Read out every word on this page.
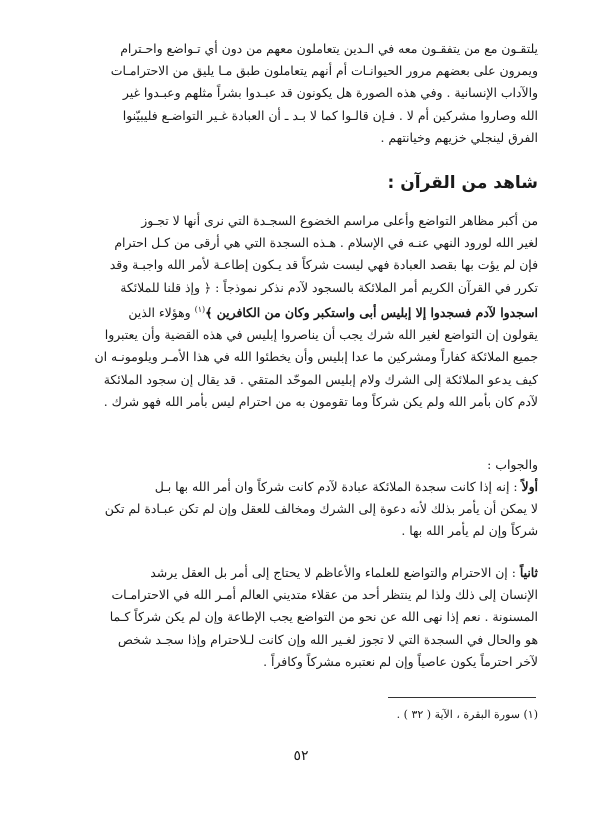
يلتقـون مع من يتفقـون معه في الـدين يتعاملون معهم من دون أي تـواضع واحـترام
ويمرون على بعضهم مرور الحيوانـات أم أنهم يتعاملون طبق مـا يليق من الاحترامـات
والآداب الإنسانية . وفي هذه الصورة هل يكونون قد عبـدوا بشراً مثلهم وعبـدوا غير
الله وصاروا مشركين أم لا . فـإن قالـوا كما لا بـد ـ أن العبادة غـير التواضـع فليبيّنوا
الفرق لينجلي خزيهم وخيانتهم .

شاهد من القرآن :

من أكبر مظاهر التواضع وأعلى مراسم الخضوع السجـدة التي نرى أنها لا تجـوز
لغير الله لورود النهي عنـه في الإسلام . هـذه السجدة التي هي أرقى من كـل احترام
فإن لم يؤت بها بقصد العبادة فهي ليست شركاً قد يـكون إطاعـة لأمر الله واجبـة وقد
تكرر في القرآن الكريم أمر الملائكة بالسجود لآدم نذكر نموذجاً : ﴿ وإذ قلنا للملائكة
اسجدوا لآدم فسجدوا إلا إبليس أبى واستكبر وكان من الكافرين ﴾$^{(١)}$ وهؤلاء الذين
يقولون إن التواضع لغير الله شرك يجب أن يناصروا إبليس في هذه القضية وأن يعتبروا
جميع الملائكة كفاراً ومشركين ما عدا إبليس وأن يخطئوا الله في هذا الأمـر ويلومونـه ان
كيف يدعو الملائكة إلى الشرك ولام إبليس الموحّد المتقي . قد يقال إن سجود الملائكة
لآدم كان بأمر الله ولم يكن شركاً وما تقومون به من احترام ليس بأمر الله فهو شرك .

والجواب :

أولاً : إنه إذا كانت سجدة الملائكة عبادة لآدم كانت شركاً وان أمر الله بها بـل
لا يمكن أن يأمر بذلك لأنه دعوة إلى الشرك ومخالف للعقل وإن لم تكن عبـادة لم تكن
شركاً وإن لم يأمر الله بها .

ثانياً : إن الاحترام والتواضع للعلماء والأعاظم لا يحتاج إلى أمر بل العقل يرشد
الإنسان إلى ذلك ولذا لم ينتظر أحد من عقلاء متديني العالم أمـر الله في الاحترامـات
المسنونة . نعم إذا نهى الله عن نحو من التواضع يجب الإطاعة وإن لم يكن شركاً كـما
هو والحال في السجدة التي لا تجوز لغـير الله وإن كانت لـلاحترام وإذا سجـد شخص
لآخر احترماً يكون عاصياً وإن لم نعتبره مشركاً وكافراً .

(١) سورة البقرة ، الآية ( ٣٢ ) .

٥٢
